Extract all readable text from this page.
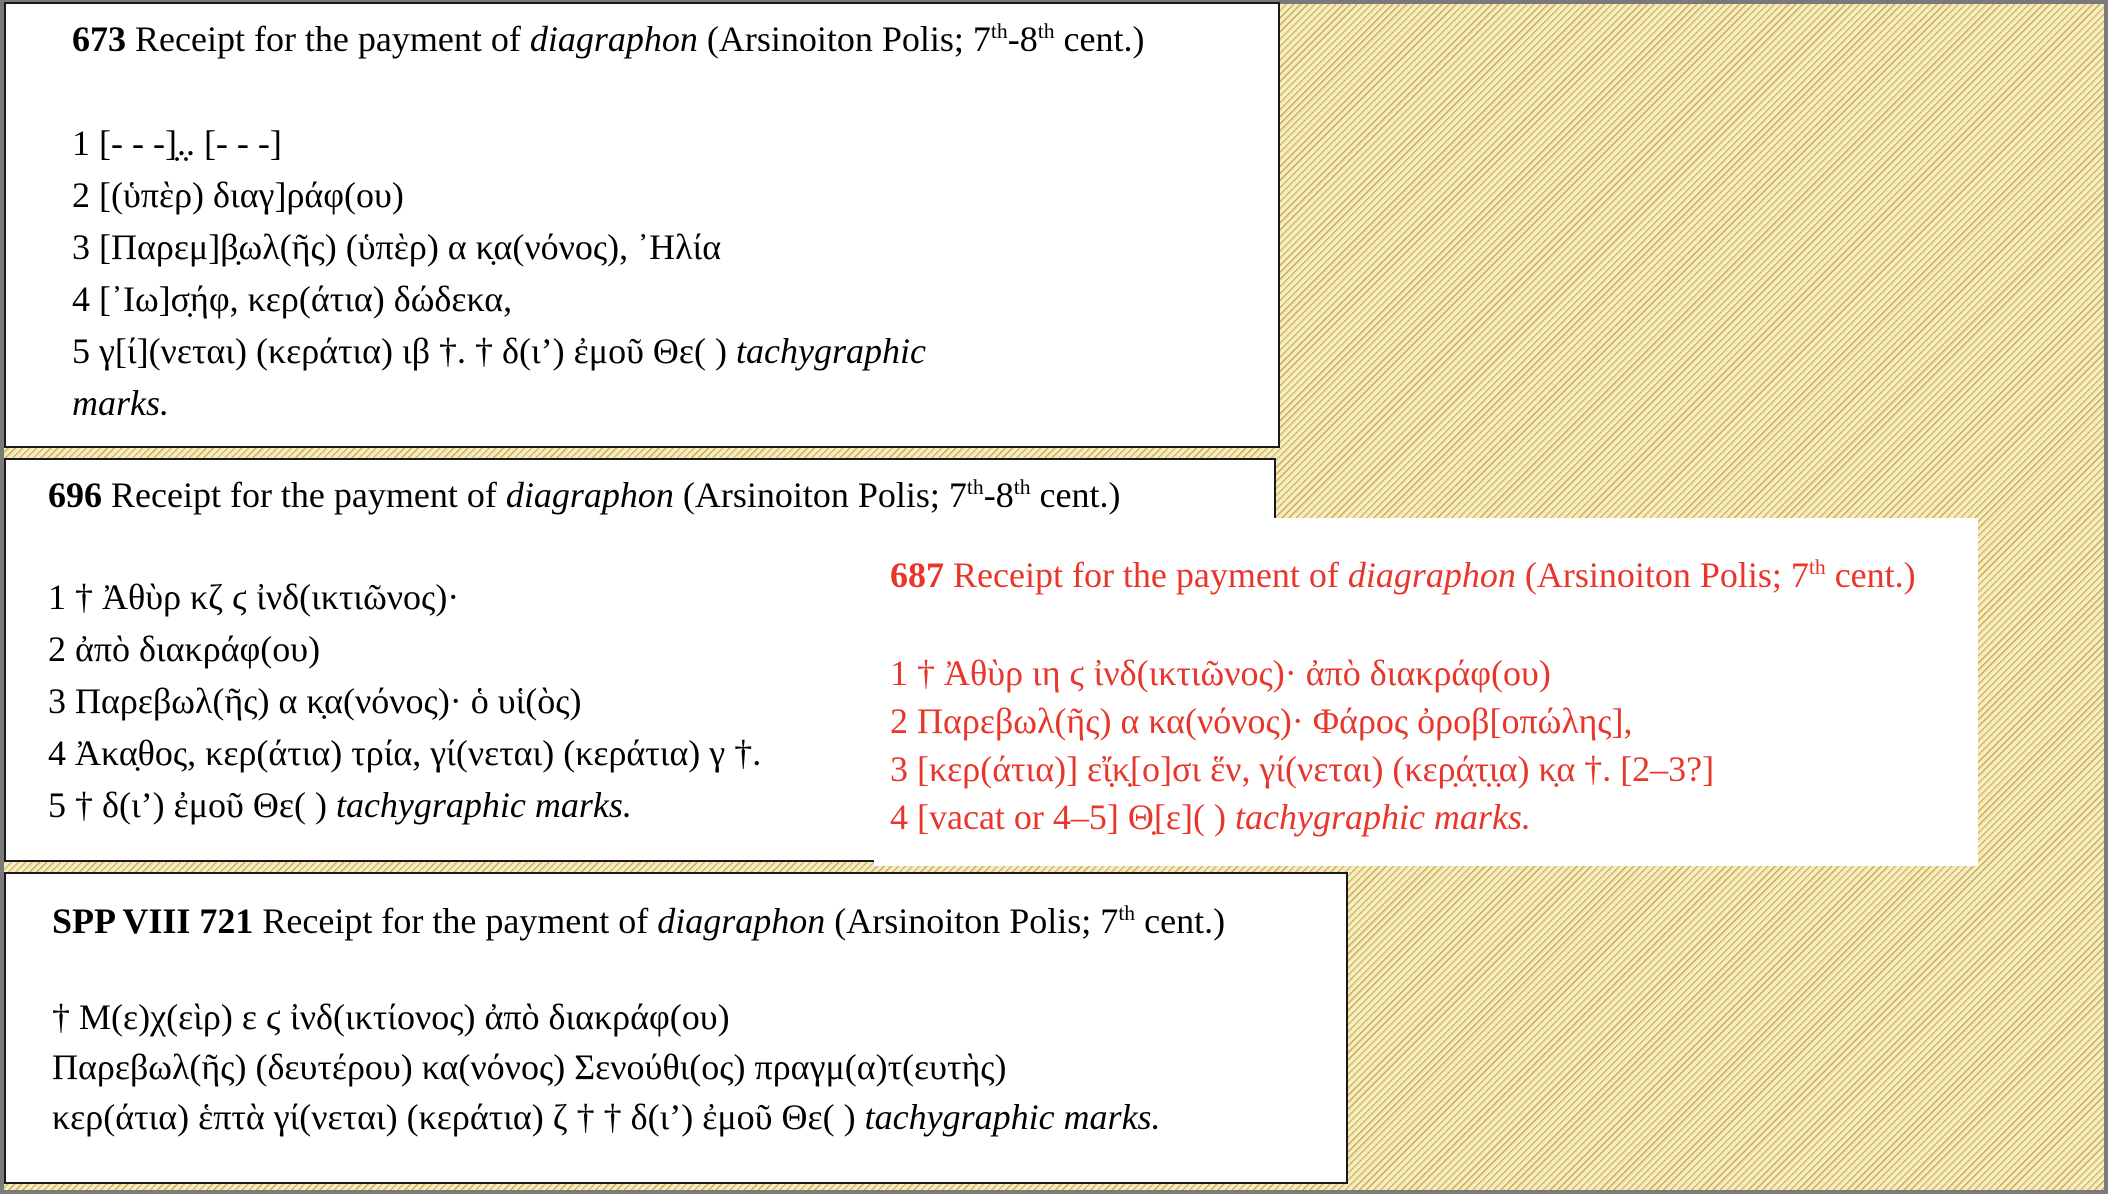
673 Receipt for the payment of diagraphon (Arsinoiton Polis; 7th-8th cent.)
1 [- - -]̣.̣. [- - -]
2 [(ὑπὲρ) διαγ]ράφ(ου)
3 [Παρεμ]β̣ωλ(ῆς) (ὑπὲρ) α κ̣α(νόνος), ᾿Ηλία
4 [᾿Ιω]σ̣ήφ, κερ(άτια) δώδεκα,
5 γ[ί](νεται) (κεράτια) ιβ †. † δ(ι’) ἐμοῦ Θε( ) tachygraphic
marks.
696 Receipt for the payment of diagraphon (Arsinoiton Polis; 7th-8th cent.)
1 † Ἀθὺρ κζ ϛ ἰνδ(ικτιῶνος)·
2 ἀπὸ διακράφ(ου)
3 Παρεβωλ(ῆς) α κ̣α(νόνος)· ὁ υἱ(ὸς)
4 Ἀκα̣θος, κερ(άτια) τρία, γί(νεται) (κεράτια) γ †.
5 † δ(ι’) ἐμοῦ Θε( ) tachygraphic marks.
687 Receipt for the payment of diagraphon (Arsinoiton Polis; 7th cent.)
1 † Ἀθὺρ ιη ϛ ἰνδ(ικτιῶνος)· ἀπὸ διακράφ(ου)
2 Παρεβωλ(ῆς) α κα(νόνος)· Φάρος ὀροβ[οπώλης],
3 [κερ(άτια)] εἴ̣̣κ̣[ο]σι ἕν, γί(νεται) (κερ̣ά̣τ̣ι̣α) κ̣α †. [2–3?]
4 [vacat or 4–5] Θ̣[ε]( ) tachygraphic marks.
SPP VIII 721 Receipt for the payment of diagraphon (Arsinoiton Polis; 7th cent.)
† Μ(ε)χ(εὶρ) ε ϛ ἰνδ(ικτίονος) ἀπὸ διακράφ(ου)
Παρεβωλ(ῆς) (δευτέρου) κα(νόνος) Σενούθι(ος) πραγμ(α)τ(ευτὴς)
κερ(άτια) ἑπτὰ γί(νεται) (κεράτια) ζ † † δ(ι’) ἐμοῦ Θε( ) tachygraphic marks.
